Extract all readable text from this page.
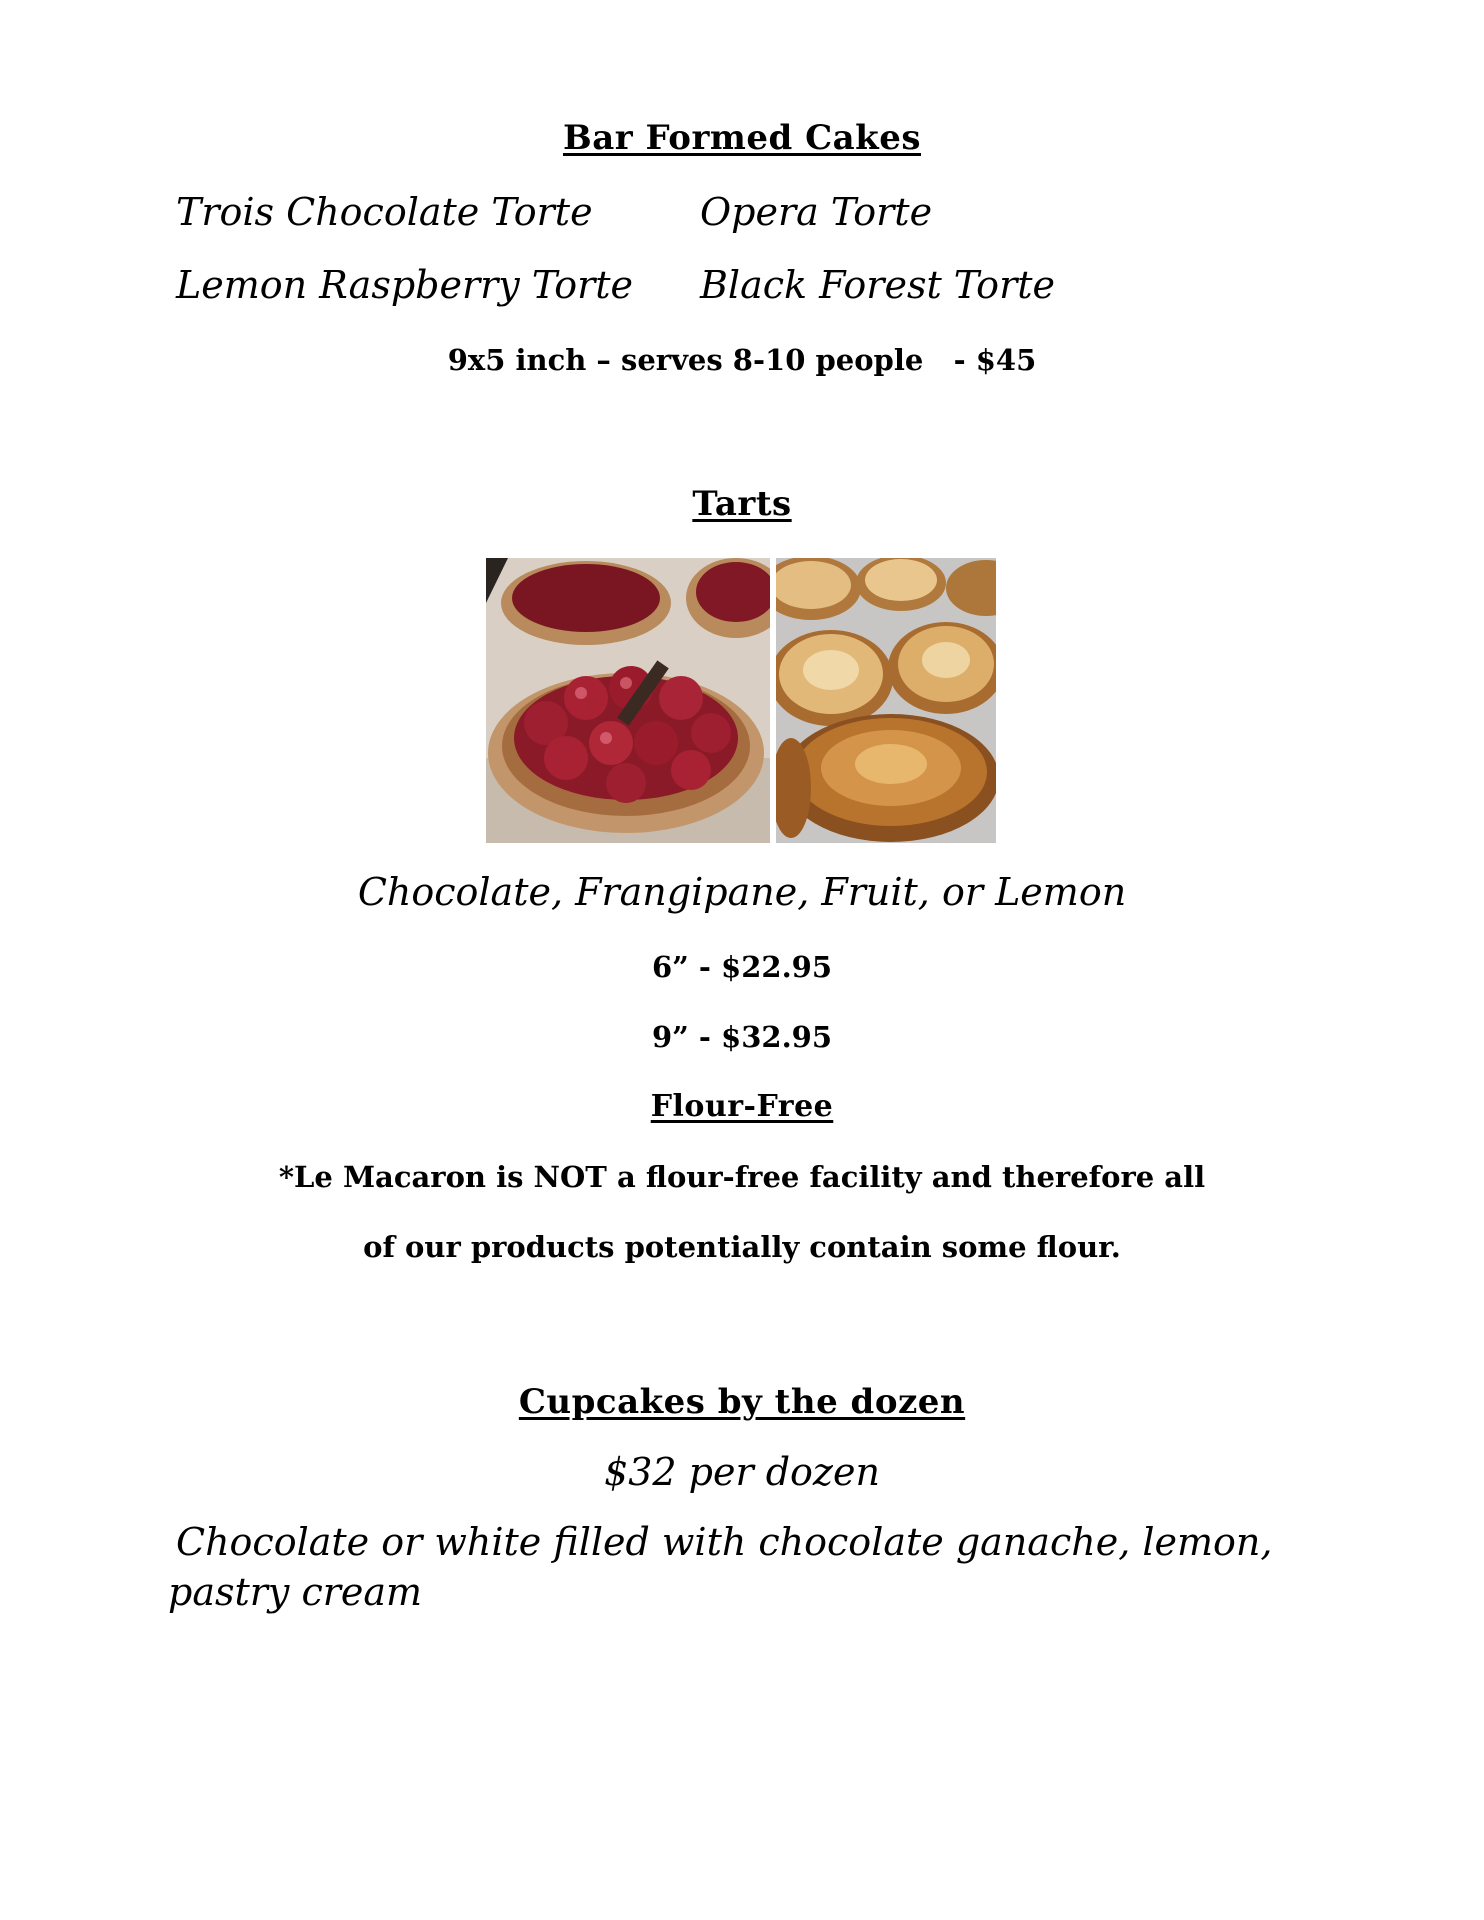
Bar Formed Cakes
Trois Chocolate Torte	Opera Torte
Lemon Raspberry Torte Black Forest Torte
9x5 inch – serves 8-10 people   - $45
Tarts
Chocolate, Frangipane, Fruit, or Lemon
6” - $22.95
9” - $32.95
Flour-Free
*Le Macaron is NOT a flour-free facility and therefore all
of our products potentially contain some flour.
Cupcakes by the dozen
$32 per dozen
Chocolate or white filled with chocolate ganache, lemon,
pastry cream
